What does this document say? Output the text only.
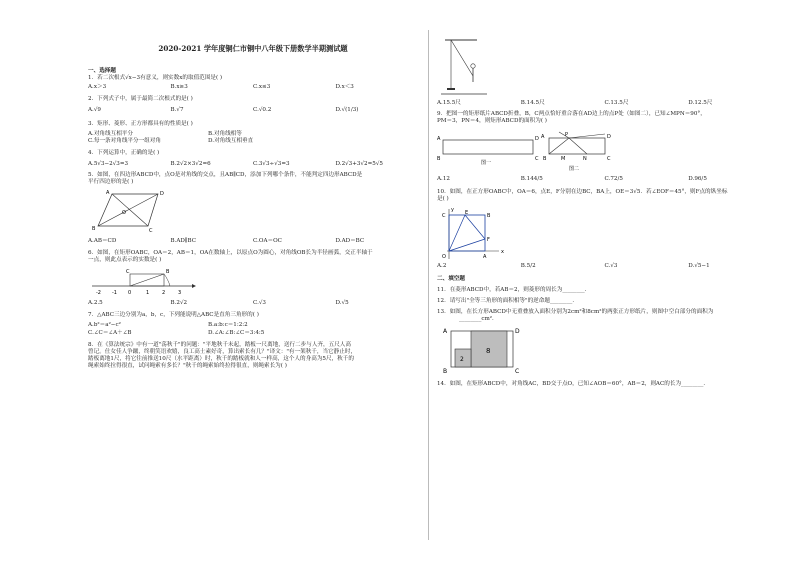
2020-2021 学年度铜仁市铜中八年级下册数学半期测试题
一、选择题
1．若二次根式√x−3有意义，则实数x的取值范围是( )
A.x＞3	B.x≥3	C.x≤3	D.x＜3
2．下列式子中，属于最简二次根式的是( )
A.√9	B.√7	C.√0.2	D.√(1/3)
3．矩形、菱形、正方形都具有的性质是( )
A.对角线互相平分	B.对角线相等
C.每一条对角线平分一组对角	D.对角线互相垂直
4．下列运算中，正确的是( )
A.5√3−2√3=3	B.2√2×3√2=6	C.3√3÷√3=3	D.2√3+3√2=5√5
5．如图，在四边形ABCD中，点O是对角线的交点，且AB∥CD，添加下列哪个条件，不能判定四边形ABCD是
平行四边形的是( )
A	D
B	C
O
A.AB＝CD	B.AD∥BC	C.OA＝OC	D.AD＝BC
6．如图，在矩形OABC，OA＝2，AB＝1，OA在数轴上，以原点O为圆心，对角线OB长为半径画弧，交正半轴于
一点，则此点表示的实数是( )
-2 -1 0	1	2	3
B
C
A.2.5	B.2√2	C.√3	D.√5
7．△ABC三边分别为a，b，c，下列能说明△ABC是直角三角形的( )
A.b²＝a²−c²	B.a:b:c＝1:2:2
C.∠C＝∠A＋∠B	D.∠A:∠B:∠C＝3:4:5
8．在《算法统宗》中有一道"荡秋千"的问题："平地秋千未起，踏板一尺离地，送行二步与人齐，五尺人高
曾记。仕女佳人争蹴，终朝笑语欢嬉，良工高士素好奇，算出索长有几？"译文："有一架秋千，当它静止时，
踏板离地1尺，将它往前推送10尺（水平距离）时，秋千的踏板就和人一样高，这个人的身高为5尺，秋千的
绳索始终拉得很直，试问绳索有多长？"秋千的绳索始终拉得很直，则绳索长为( )
A.15.5尺	B.14.5尺	C.13.5尺	D.12.5尺
9．把图一的矩形纸片ABCD折叠，B，C两点恰好重合落在AD边上的点P处（如图二），已知∠MPN＝90°，
PM＝3，PN＝4，则矩形ABCD的面积为( )
A	D
B	C
图一
A	P	D
B	M	N	C
图二
A.12	B.144/5	C.72/5	D.96/5
10．如图，在正方形OABC中，OA＝6，点E，F分别在边BC，BA上，OE＝3√5．若∠EOF＝45°，则F点的纵坐标
是( )
C	E	B
F
O	A
x
y
A.2	B.5/2	C.√3	D.√5−1
二、填空题
11．在菱形ABCD中，若AB＝2，则菱形的周长为________．
12．请写出"全等三角形的面积相等"的逆命题________．
13．如图，在长方形ABCD中无重叠放入面积分别为2cm²和8cm²的两张正方形纸片，则图中空白部分的面积为
________cm²．
2
8
A	D
B	C
14．如图，在矩形ABCD中，对角线AC，BD交于点O，已知∠AOB＝60°，AB＝2，则AC的长为________．
